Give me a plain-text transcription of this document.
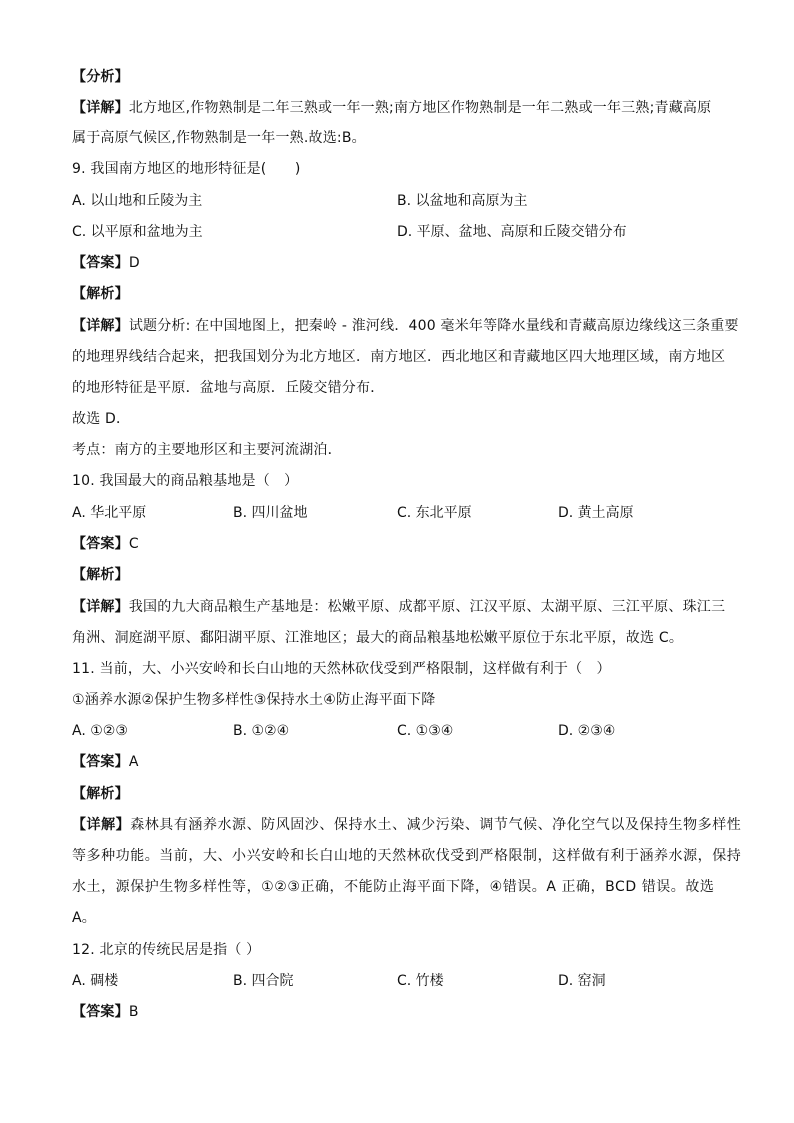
【分析】
【详解】北方地区,作物熟制是二年三熟或一年一熟;南方地区作物熟制是一年二熟或一年三熟;青藏高原
属于高原气候区,作物熟制是一年一熟.故选:B。
9. 我国南方地区的地形特征是(　　)
A. 以山地和丘陵为主	B. 以盆地和高原为主
C. 以平原和盆地为主	D. 平原、盆地、高原和丘陵交错分布
【答案】D
【解析】
【详解】试题分析: 在中国地图上，把秦岭 - 淮河线．400 毫米年等降水量线和青藏高原边缘线这三条重要
的地理界线结合起来，把我国划分为北方地区．南方地区．西北地区和青藏地区四大地理区域，南方地区
的地形特征是平原．盆地与高原．丘陵交错分布．
故选 D．
考点：南方的主要地形区和主要河流湖泊．
10. 我国最大的商品粮基地是（　）
A. 华北平原	B. 四川盆地	C. 东北平原	D. 黄土高原
【答案】C
【解析】
【详解】我国的九大商品粮生产基地是：松嫩平原、成都平原、江汉平原、太湖平原、三江平原、珠江三
角洲、洞庭湖平原、鄱阳湖平原、江淮地区；最大的商品粮基地松嫩平原位于东北平原，故选 C。
11. 当前，大、小兴安岭和长白山地的天然林砍伐受到严格限制，这样做有利于（　）
①涵养水源②保护生物多样性③保持水土④防止海平面下降
A. ①②③	B. ①②④	C. ①③④	D. ②③④
【答案】A
【解析】
【详解】森林具有涵养水源、防风固沙、保持水土、减少污染、调节气候、净化空气以及保持生物多样性
等多种功能。当前，大、小兴安岭和长白山地的天然林砍伐受到严格限制，这样做有利于涵养水源，保持
水土，源保护生物多样性等，①②③正确，不能防止海平面下降，④错误。A 正确，BCD 错误。故选
A。
12. 北京的传统民居是指（ ）
A. 碉楼	B. 四合院	C. 竹楼	D. 窑洞
【答案】B
